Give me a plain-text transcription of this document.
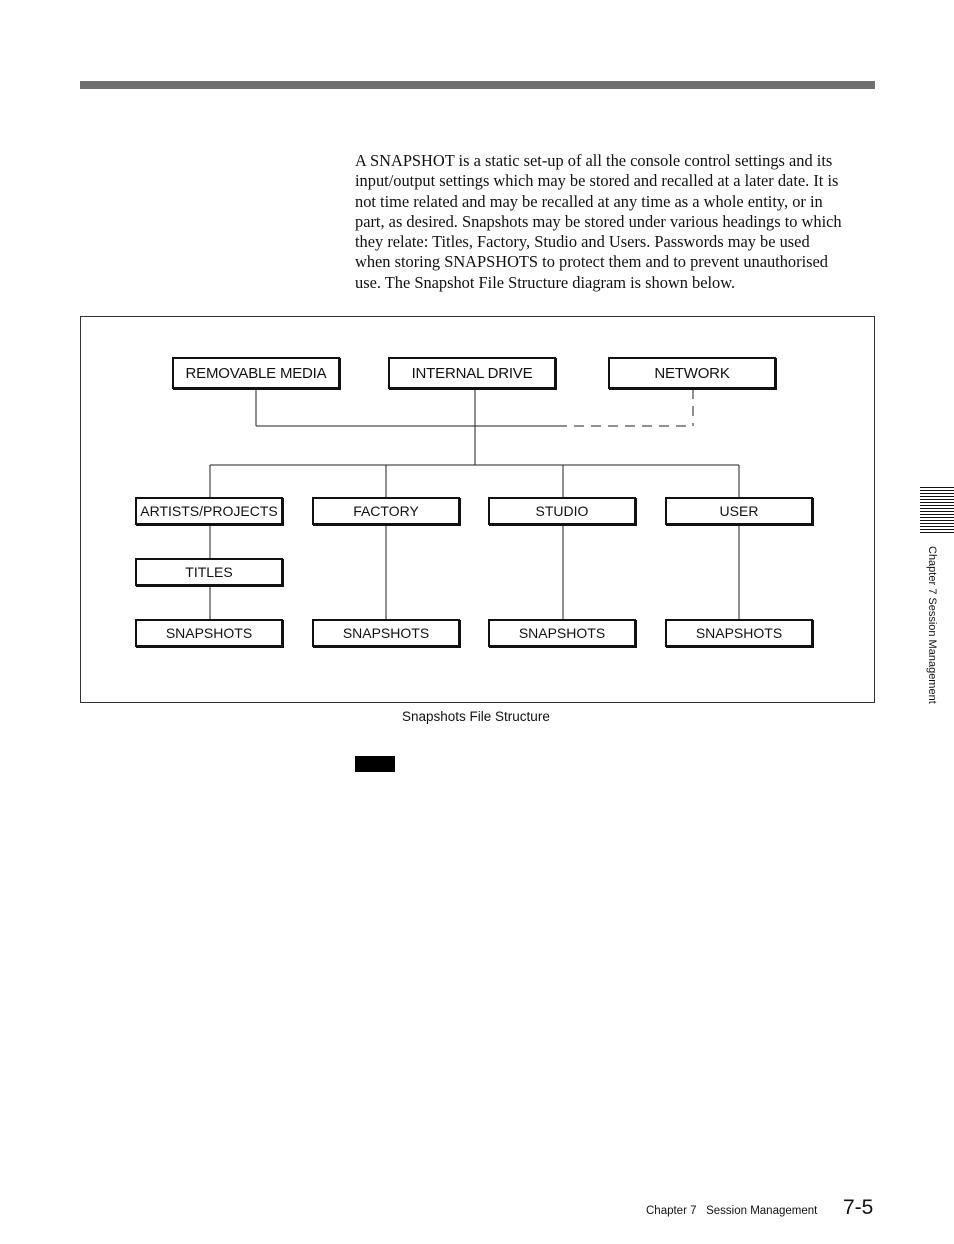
A SNAPSHOT is a static set-up of all the console control settings and its
input/output settings which may be stored and recalled at a later date. It is
not time related and may be recalled at any time as a whole entity, or in
part, as desired. Snapshots may be stored under various headings to which
they relate: Titles, Factory, Studio and Users. Passwords may be used
when storing SNAPSHOTS to protect them and to prevent unauthorised
use. The Snapshot File Structure diagram is shown below.

REMOVABLE MEDIA	INTERNAL DRIVE	NETWORK
ARTISTS/PROJECTS	FACTORY	STUDIO	USER
TITLES
SNAPSHOTS	SNAPSHOTS	SNAPSHOTS	SNAPSHOTS
Snapshots File Structure
Chapter 7 Session Management
Chapter 7   Session Management 7-5
